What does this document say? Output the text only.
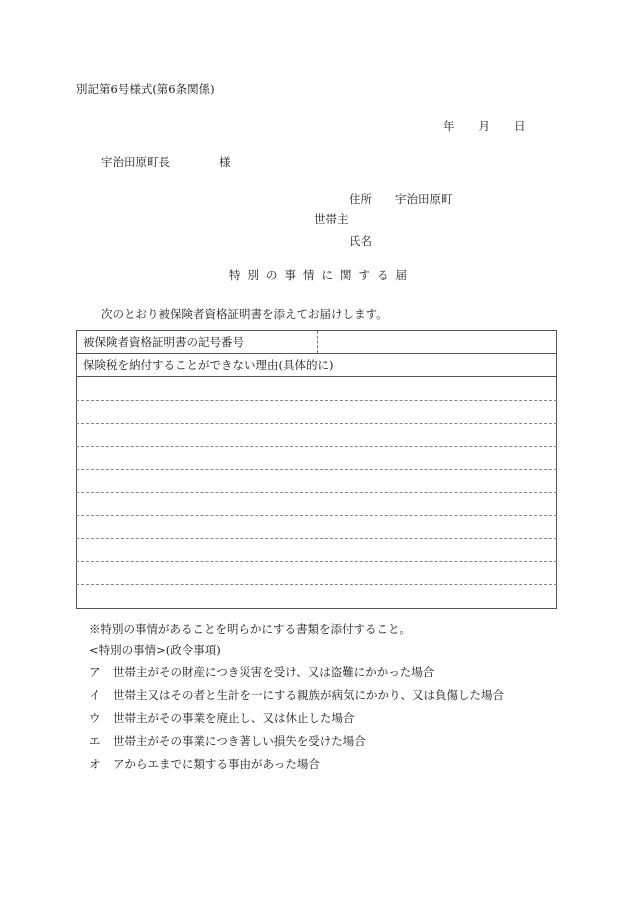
別記第6号様式(第6条関係)
年 月 日
宇治田原町長	様
住所 宇治田原町
世帯主
氏名
特別の事情に関する届
次のとおり被保険者資格証明書を添えてお届けします。
被保険者資格証明書の記号番号	
保険税を納付することができない理由(具体的に)

※特別の事情があることを明らかにする書類を添付すること。
<特別の事情>(政令事項)
ア 世帯主がその財産につき災害を受け、又は盗難にかかった場合
イ 世帯主又はその者と生計を一にする親族が病気にかかり、又は負傷した場合
ウ 世帯主がその事業を廃止し、又は休止した場合
エ 世帯主がその事業につき著しい損失を受けた場合
オ アからエまでに類する事由があった場合
